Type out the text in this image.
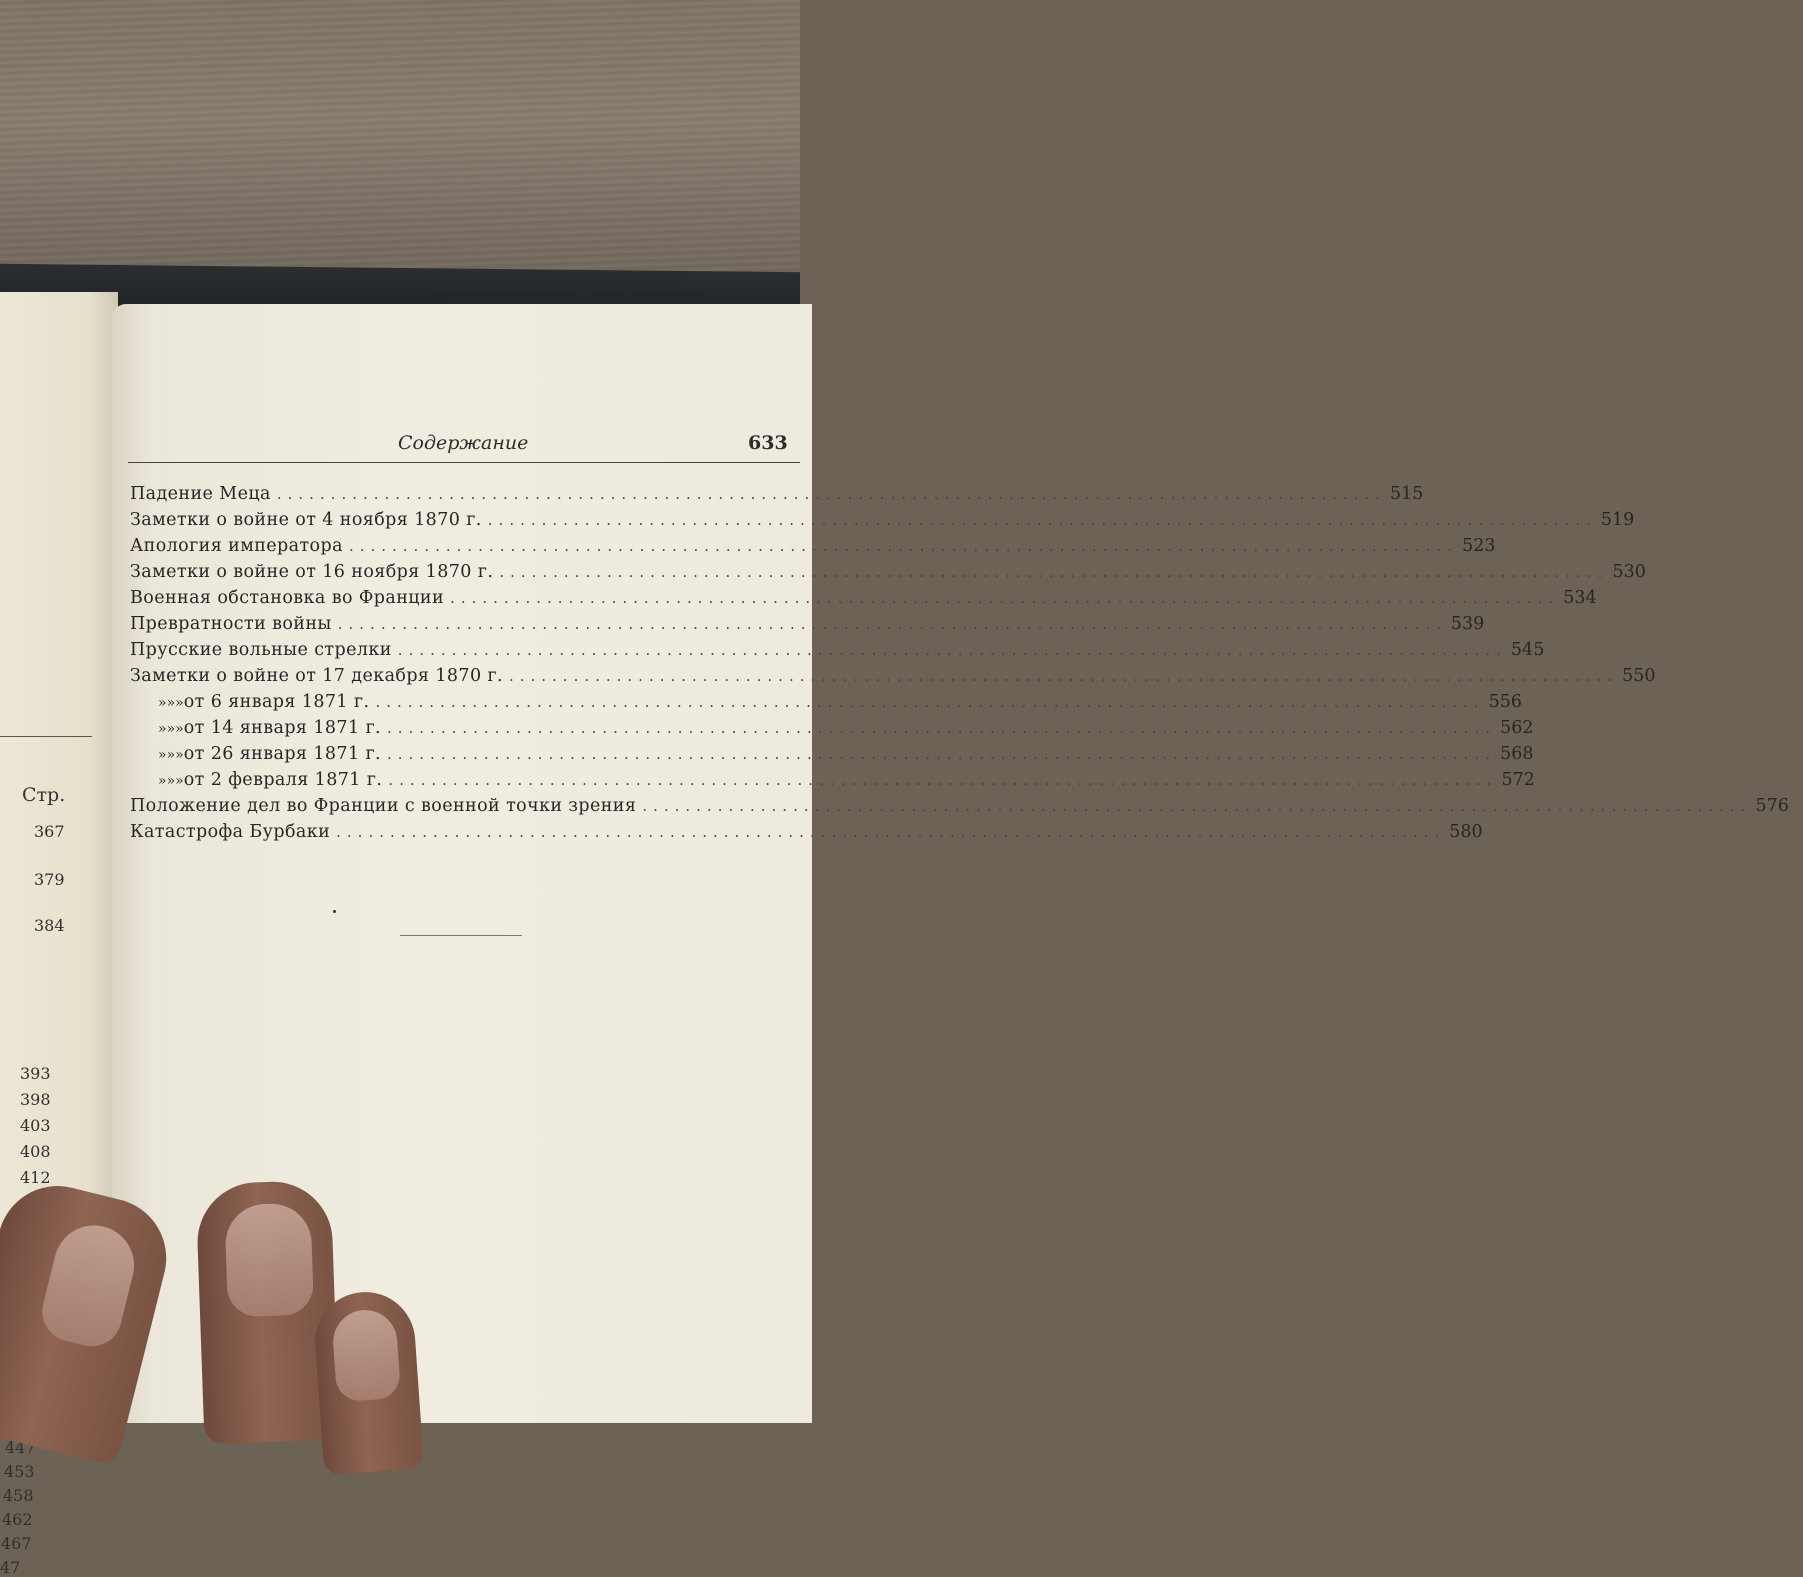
Стр.
367
379
384
393
398
403
408
412
447
453
458
462
467
47
Содержание	633
Падение Меца ....................................................................................................... 515
Заметки о войне от 4 ноября 1870 г. ....................................................................................................... 519
Апология императора ....................................................................................................... 523
Заметки о войне от 16 ноября 1870 г. ....................................................................................................... 530
Военная обстановка во Франции ....................................................................................................... 534
Превратности войны ....................................................................................................... 539
Прусские вольные стрелки ....................................................................................................... 545
Заметки о войне от 17 декабря 1870 г. ....................................................................................................... 550
» » » от 6 января 1871 г. ....................................................................................................... 556
» » » от 14 января 1871 г. ....................................................................................................... 562
» » » от 26 января 1871 г. ....................................................................................................... 568
» » » от 2 февраля 1871 г. ....................................................................................................... 572
Положение дел во Франции с военной точки зрения ....................................................................................................... 576
Катастрофа Бурбаки ....................................................................................................... 580
